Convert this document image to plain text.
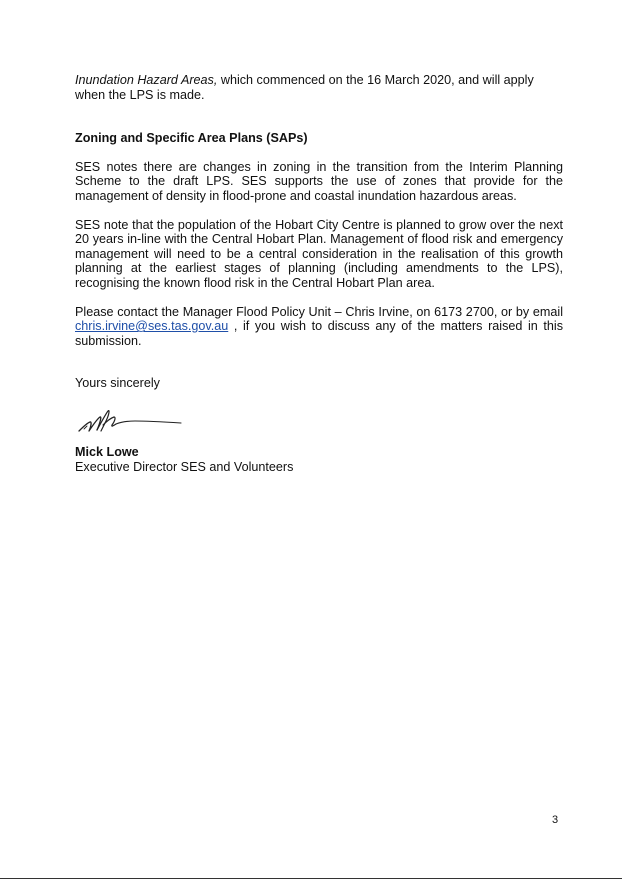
Inundation Hazard Areas, which commenced on the 16 March 2020, and will apply when the LPS is made.

Zoning and Specific Area Plans (SAPs)

SES notes there are changes in zoning in the transition from the Interim Planning Scheme to the draft LPS. SES supports the use of zones that provide for the management of density in flood-prone and coastal inundation hazardous areas.

SES note that the population of the Hobart City Centre is planned to grow over the next 20 years in-line with the Central Hobart Plan. Management of flood risk and emergency management will need to be a central consideration in the realisation of this growth planning at the earliest stages of planning (including amendments to the LPS), recognising the known flood risk in the Central Hobart Plan area.

Please contact the Manager Flood Policy Unit – Chris Irvine, on 6173 2700, or by email chris.irvine@ses.tas.gov.au , if you wish to discuss any of the matters raised in this submission.

Yours sincerely

Mick Lowe

Executive Director SES and Volunteers

3
